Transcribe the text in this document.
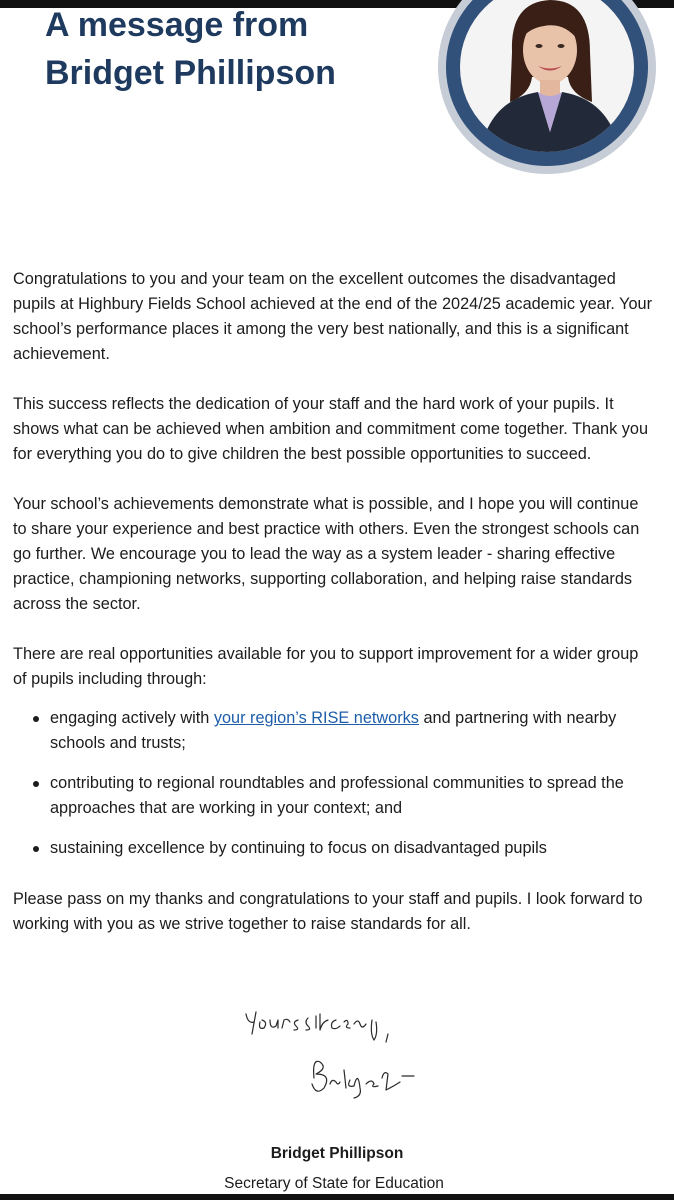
A message from
Bridget Phillipson

Congratulations to you and your team on the excellent outcomes the disadvantaged pupils at Highbury Fields School achieved at the end of the 2024/25 academic year. Your school’s performance places it among the very best nationally, and this is a significant achievement.

This success reflects the dedication of your staff and the hard work of your pupils. It shows what can be achieved when ambition and commitment come together. Thank you for everything you do to give children the best possible opportunities to succeed.

Your school’s achievements demonstrate what is possible, and I hope you will continue to share your experience and best practice with others. Even the strongest schools can go further. We encourage you to lead the way as a system leader - sharing effective practice, championing networks, supporting collaboration, and helping raise standards across the sector.

There are real opportunities available for you to support improvement for a wider group of pupils including through:

engaging actively with your region’s RISE networks and partnering with nearby schools and trusts;
contributing to regional roundtables and professional communities to spread the approaches that are working in your context; and
sustaining excellence by continuing to focus on disadvantaged pupils

Please pass on my thanks and congratulations to your staff and pupils. I look forward to working with you as we strive together to raise standards for all.

Bridget Phillipson
Secretary of State for Education
